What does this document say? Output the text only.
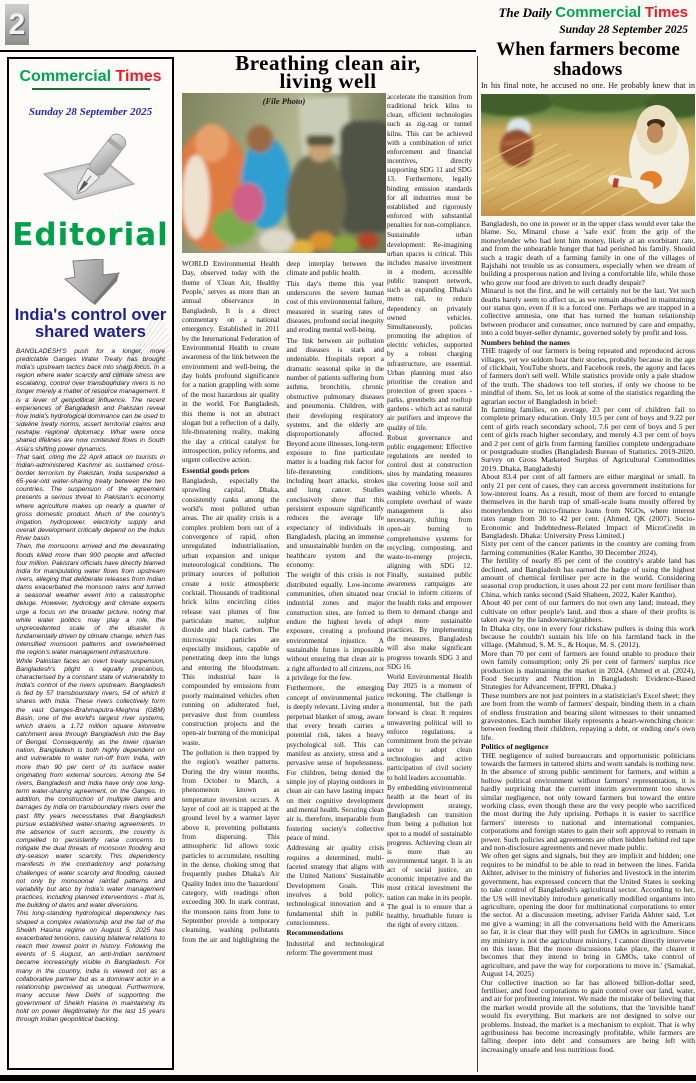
2	The Daily Commercial Times
Sunday 28 September 2025
Commercial Times
Sunday 28 September 2025
Editorial
India's control over shared waters

BANGLADESH'S push for a longer, more predictable Ganges Water Treaty has brought India's upstream tactics back into sharp focus. In a region where water scarcity and climate stress are escalating, control over transboundary rivers is no longer merely a matter of resource management. It is a lever of geopolitical influence. The recent experiences of Bangladesh and Pakistan reveal how India's hydrological dominance can be used to sideline treaty norms, assert territorial claims and reshape regional diplomacy. What were once shared lifelines are now contested flows in South Asia's shifting power dynamics.

That said, citing the 22 April attack on tourists in Indian-administered Kashmir as sustained cross-border terrorism by Pakistan, India suspended a 65-year-old water-sharing treaty between the two countries. The suspension of the agreement presents a serious threat to Pakistan's economy, where agriculture makes up nearly a quarter of gross domestic product. Much of the country's irrigation, hydropower, electricity supply and overall development critically depend on the Indus River basin.

Then, the monsoons arrived and the devastating floods killed more than 900 people and affected four million. Pakistani officials have directly blamed India for manipulating water flows from upstream rivers, alleging that deliberate releases from Indian dams exacerbated the monsoon rains and turned a seasonal weather event into a catastrophic deluge. However, hydrology and climate experts urge a focus on the broader picture, noting that while water politics may play a role, the unprecedented scale of the disaster is fundamentally driven by climate change, which has intensified monsoon patterns and overwhelmed the region's water management infrastructure.

While Pakistan faces an overt treaty suspension, Bangladesh's plight is equally precarious, characterised by a constant state of vulnerability to India's control of the rivers upstream. Bangladesh is fed by 57 transboundary rivers, 54 of which it shares with India. These rivers collectively form the vast Ganges-Brahmaputra-Meghna (GBM) Basin, one of the world's largest river systems, which drains a 1.72 million square kilometre catchment area through Bangladesh into the Bay of Bengal. Consequently, as the lower riparian nation, Bangladesh is both highly dependent on and vulnerable to water run-off from India, with more than 90 per cent of its surface water originating from external sources. Among the 54 rivers, Bangladesh and India have only one long-term water-sharing agreement, on the Ganges. In addition, the construction of multiple dams and barrages by India on transboundary rivers over the past fifty years necessitates that Bangladesh pursue established water-sharing agreements. In the absence of such accords, the country is compelled to persistently raise concerns to mitigate the dual threats of monsoon flooding and dry-season water scarcity. This dependency manifests in the contradictory and polarising challenges of water scarcity and flooding, caused not only by monsoonal rainfall patterns and variability but also by India's water management practices, including planned interventions - that is, the building of dams and water diversions.

This long-standing hydrological dependency has shaped a complex relationship and the fall of the Sheikh Hasina regime on August 5, 2025 has exacerbated tensions, causing bilateral relations to reach their lowest point in history. Following the events of 5 August, an anti-Indian sentiment became increasingly visible in Bangladesh. For many in the country, India is viewed not as a collaborative partner but as a dominant actor in a relationship perceived as unequal. Furthermore, many accuse New Delhi of supporting the government of Sheikh Hasina in maintaining its hold on power illegitimately for the last 15 years through Indian geopolitical backing.

Breathing clean air,
living well
(File Photo)

WORLD Environmental Health Day, observed today with the theme of 'Clean Air, Healthy People,' serves as more than an annual observance in Bangladesh. It is a direct commentary on a national emergency. Established in 2011 by the International Federation of Environmental Health to create awareness of the link between the environment and well-being, the day holds profound significance for a nation grappling with some of the most hazardous air quality in the world. For Bangladesh, this theme is not an abstract slogan but a reflection of a daily, life-threatening reality, making the day a critical catalyst for introspection, policy reforms, and urgent collective action.

Essential goods prices

Bangladesh, especially the sprawling capital, Dhaka, consistently ranks among the world's most polluted urban areas. The air quality crisis is a complex problem born out of a convergence of rapid, often unregulated industrialisation, urban expansion and unique meteorological conditions. The primary sources of pollution create a toxic atmospheric cocktail. Thousands of traditional brick kilns encircling cities release vast plumes of fine particulate matter, sulphur dioxide and black carbon. The microscopic particles are especially insidious, capable of penetrating deep into the lungs and entering the bloodstream. This industrial haze is compounded by emissions from poorly maintained vehicles often running on adulterated fuel, pervasive dust from countless construction projects and the open-air burning of the municipal waste.

The pollution is then trapped by the region's weather patterns. During the dry winter months, from October to March, a phenomenon known as temperature inversion occurs. A layer of cool air is trapped at the ground level by a warmer layer above it, preventing pollutants from dispersing. This atmospheric lid allows toxic particles to accumulate, resulting in the dense, choking smog that frequently pushes Dhaka's Air Quality Index into the 'hazardous' category, with readings often exceeding 300. In stark contrast, the monsoon rains from June to September provide a temporary cleansing, washing pollutants from the air and highlighting the deep interplay between the climate and public health.

This day's theme this year underscores the severe human cost of this environmental failure, measured in soaring rates of diseases, profound social inequity and eroding mental well-being.

The link between air pollution and diseases is stark and undeniable. Hospitals report a dramatic seasonal spike in the number of patients suffering from asthma, bronchitis, chronic obstructive pulmonary diseases and pneumonia. Children, with their developing respiratory systems, and the elderly are disproportionately affected. Beyond acute illnesses, long-term exposure to fine particulate matter is a loading risk factor for life-threatening conditions, including heart attacks, strokes and lung cancer. Studies conclusively show that this persistent exposure significantly reduces the average life expectancy of individuals in Bangladesh, placing an immense and unsustainable burden on the healthcare system and the economy.

The weight of this crisis is not distributed equally. Low-income communities, often situated near industrial zones and major construction sites, are forced to endure the highest levels of exposure, creating a profound environmental injustice. A sustainable future is impossible without ensuring that clean air is a right afforded to all citizens, not a privilege for the few.

Furthermore, the emerging concept of environmental justice is deeply relevant. Living under a perpetual blanket of smog, aware that every breath carries a potential risk, takes a heavy psychological toll. This can manifest as anxiety, stress and a pervasive sense of hopelessness. For children, being denied the simple joy of playing outdoors in clean air can have lasting impact on their cognitive development and mental health. Securing clean air is, therefore, inseparable from fostering society's collective peace of mind.

Addressing air quality crisis requires a determined, multi-faceted strategy that aligns with the United Nations' Sustainable Development Goals. This involves a bold policy, technological innovation and a fundamental shift in public consciousness.

Recommendations

Industrial and technological reform: The government must

accelerate the transition from traditional brick kilns to clean, efficient technologies such as zig-zag or tunnel kilns. This can be achieved with a combination of strict enforcement and financial incentives, directly supporting SDG 11 and SDG 13. Furthermore, legally binding emission standards for all industries must be established and rigorously enforced with substantial penalties for non-compliance.

Sustainable urban development: Re-imagining urban spaces is critical. This includes massive investment in a modern, accessible public transport network, such as expanding Dhaka's metro rail, to reduce dependency on privately owned vehicles. Simultaneously, policies promoting the adoption of electric vehicles, supported by a robust charging infrastructure, are essential. Urban planning must also prioritise the creation and protection of green spaces - parks, greenbelts and rooftop gardens - which act as natural air purifiers and improve the quality of life.

Robust governance and public engagement: Effective regulations are needed to control dust at construction sites by mandating measures like covering loose soil and washing vehicle wheels. A complete overhaul of waste management is also necessary, shifting from open-air burning to comprehensive systems for recycling, composting, and waste-to-energy projects, aligning with SDG 12. Finally, sustained public awareness campaigns are crucial to inform citizens of the health risks and empower them to demand change and adopt more sustainable practices. By implementing the measures, Bangladesh will also make significant progress towards SDG 3 and SDG 16.

World Environmental Health Day 2025 is a moment of reckoning. The challenge is monumental, but the path forward is clear. It requires unwavering political will to enforce regulations, a commitment from the private sector to adopt clean technologies and active participation of civil society to hold leaders accountable.

By embedding environmental health at the heart of its development strategy, Bangladesh can transition from being a pollution hot spot to a model of sustainable progress. Achieving clean air is more than an environmental target. It is an act of social justice, an economic imperative and the most critical investment the nation can make in its people. The goal is to ensure that a healthy, breathable future is the right of every citizen.

When farmers become shadows
In his final note, he accused no one. He probably knew that in

Bangladesh, no one in power or in the upper class would ever take the blame. So, Minarul chose a 'safe exit' from the grip of the moneylender who had lent him money, likely at an exorbitant rate, and from the unbearable hunger that had perished his family. Should such a tragic death of a farming family in one of the villages of Rajshahi not trouble us as consumers, especially when we dream of building a prosperous nation and living a comfortable life, while those who grow our food are driven to such deadly despair?

Minarul is not the first, and he will certainly not be the last. Yet such deaths barely seem to affect us, as we remain absorbed in maintaining our status quo, even if it is a forced one. Perhaps we are trapped in a collective amnesia, one that has turned the human relationship between producer and consumer, once nurtured by care and empathy, into a cold buyer-seller dynamic, governed solely by profit and loss.

Numbers behind the names

THE tragedy of our farmers is being repeated and reproduced across villages, yet we seldom hear their stories, probably because in the age of clickbait, YouTube shorts, and Facebook reels, the agony and faces of farmers don't sell well. While statistics provide only a pale shadow of the truth. The shadows too tell stories, if only we choose to be mindful of them. So, let us look at some of the statistics regarding the agrarian sector of Bangladesh in brief:

In farming families, on average, 23 per cent of children fail to complete primary education. Only 10.5 per cent of boys and 9.22 per cent of girls reach secondary school, 7.6 per cent of boys and 5 per cent of girls reach higher secondary, and merely 4.3 per cent of boys and 2 per cent of girls from farming families complete undergraduate or postgraduate studies (Bangladesh Bureau of Statistics. 2019-2020. Survey on Gross Marketed Surplus of Agricultural Commodities 2019. Dhaka, Bangladesh)

About 83.4 per cent of all farmers are either marginal or small. In only 21 per cent of cases, they can access government institutions for low-interest loans. As a result, most of them are forced to entangle themselves in the harsh trap of small-scale loans mostly offered by moneylenders or micro-finance loans from NGOs, where interest rates range from 30 to 42 per cent. (Ahmed, QK (2007). Socio-Economic and Indebtedness-Related Impact of MicroCredit in Bangladesh. Dhaka: University Press Limited.)

Sixty per cent of the cancer patients in the country are coming from farming communities (Kaler Kantho, 30 December 2024).

The fertility of nearly 85 per cent of the country's arable land has declined, and Bangladesh has earned the badge of using the highest amount of chemical fertiliser per acre in the world. Considering seasonal crop production, it uses about 22 per cent more fertiliser than China, which ranks second (Said Shaheen, 2022, Kaler Kantho).

About 40 per cent of our farmers do not own any land; instead, they cultivate on other people's land, and thus a share of their profits is taken away by the landowners/grabbers.

In Dhaka city, one in every four rickshaw pullers is doing this work because he couldn't sustain his life on his farmland back in the village. (Mahmud, S. M. S., & Hoque, M. S. (2012).

More than 70 per cent of farmers are found unable to produce their own family consumption; only 26 per cent of farmers' surplus rice production is maintaining the market in 2024. (Ahmed et al. (2024), Food Security and Nutrition in Bangladesh: Evidence-Based Strategies for Advancement, IFPRI, Dhaka.)

These numbers are not just pointers in a statistician's Excel sheet; they are born from the womb of farmers' despair, binding them in a chain of endless frustration and bearing silent witnesses to their unnamed gravestones. Each number likely represents a heart-wrenching choice: between feeding their children, repaying a debt, or ending one's own life.

Politics of negligence

THE negligence of suited bureaucrats and opportunistic politicians towards the farmers in tattered shirts and worn sandals is nothing new. In the absence of strong public sentiment for farmers, and within a hollow political environment without farmers' representation, it is hardly surprising that the current interim government too shows similar negligence, not only toward farmers but toward the entire working class, even though these are the very people who sacrificed the most during the July uprising. Perhaps it is easier to sacrifice farmers' interests to national and international companies, corporations and foreign states to gain their soft approval to remain in power. Such policies and agreements are often hidden behind red tape and non-disclosure agreements and never made public.

We often get signs and signals, but they are implicit and hidden; one requires to be mindful to be able to read in between the lines. Farida Akhter, adviser to the ministry of fisheries and livestock in the interim government, has expressed concern that the United States is seeking to take control of Bangladesh's agricultural sector. According to her, the US will inevitably introduce genetically modified organisms into agriculture, opening the door for multinational corporations to enter the sector. At a discussion meeting, adviser Farida Akhter said, 'Let me give a warning; in all the conversations held with the Americans so far, it is clear that they will push for GMOs in agriculture. Since my ministry is not the agriculture ministry, I cannot directly intervene on this issue. But the more discussions take place, the clearer it becomes that they intend to bring in GMOs, take control of agriculture, and pave the way for corporations to move in.' (Samakal, August 14, 2025)

Our collective inaction so far has allowed billion-dollar seed, fertiliser, and food corporations to gain control over our land, water, and air for profiteering interest. We made the mistake of believing that the market would provide all the solutions, that the 'invisible hand' would fix everything. But markets are not designed to solve our problems. Instead, the market is a mechanism to exploit. That is why agribusiness has become increasingly profitable, while farmers are falling deeper into debt and consumers are being left with increasingly unsafe and less nutritious food.
